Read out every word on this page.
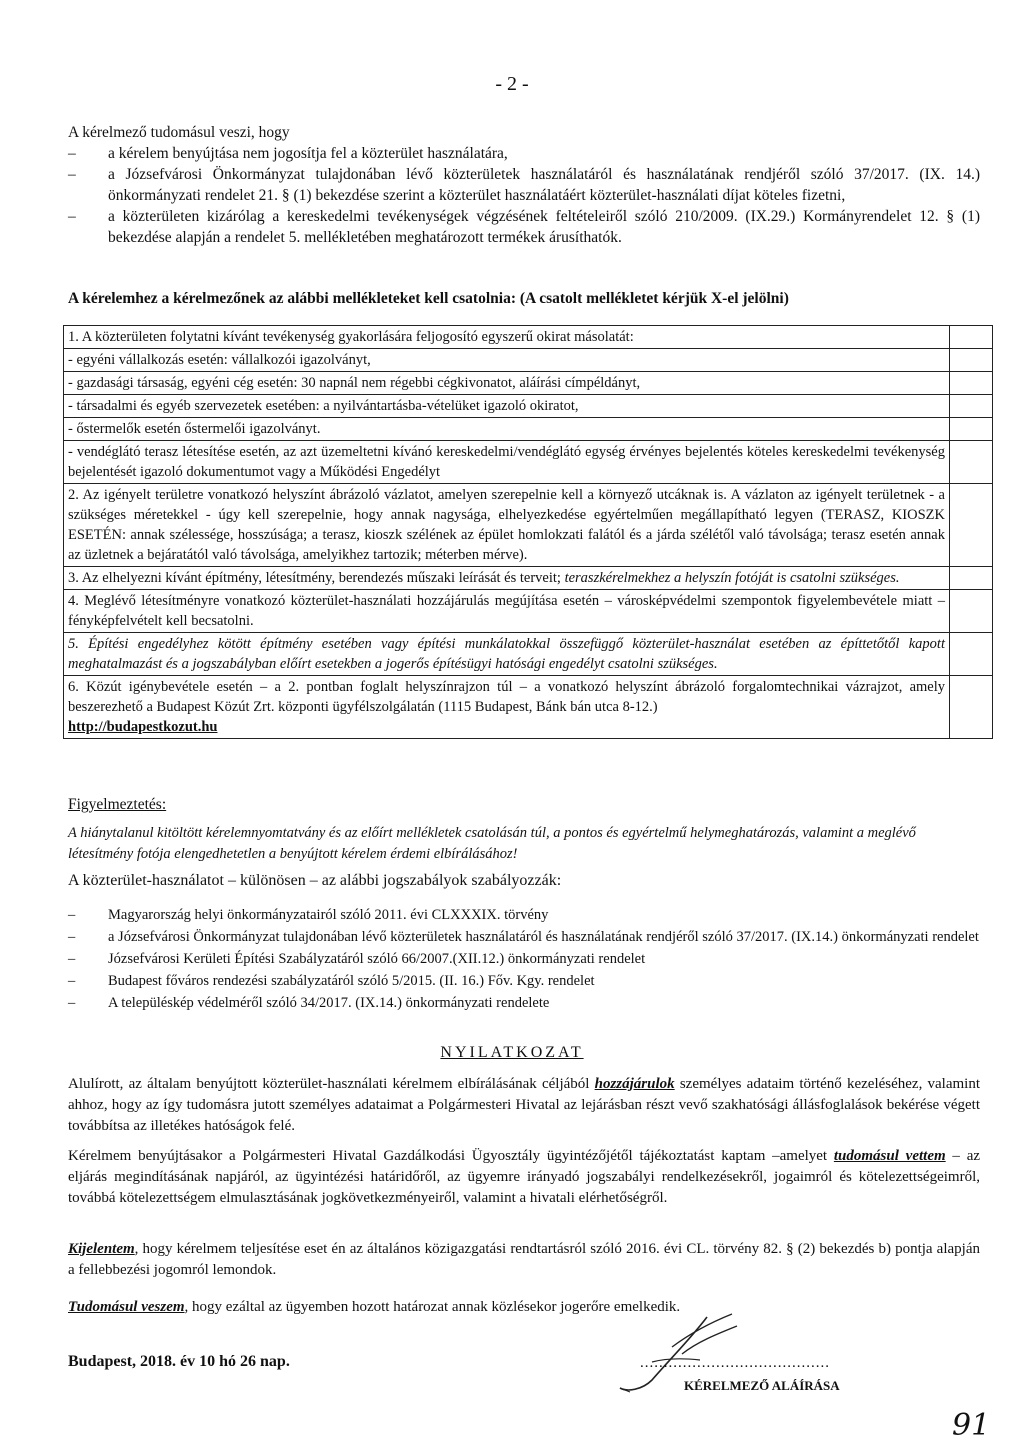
- 2 -
A kérelmező tudomásul veszi, hogy
– a kérelem benyújtása nem jogosítja fel a közterület használatára,
– a Józsefvárosi Önkormányzat tulajdonában lévő közterületek használatáról és használatának rendjéről szóló 37/2017. (IX. 14.) önkormányzati rendelet 21. § (1) bekezdése szerint a közterület használatáért közterület-használati díjat köteles fizetni,
– a közterületen kizárólag a kereskedelmi tevékenységek végzésének feltételeiről szóló 210/2009. (IX.29.) Kormányrendelet 12. § (1) bekezdése alapján a rendelet 5. mellékletében meghatározott termékek árusíthatók.
A kérelemhez a kérelmezőnek az alábbi mellékleteket kell csatolnia: (A csatolt mellékletet kérjük X-el jelölni)
1. A közterületen folytatni kívánt tevékenység gyakorlására feljogosító egyszerű okirat másolatát:	
- egyéni vállalkozás esetén: vállalkozói igazolványt,	
- gazdasági társaság, egyéni cég esetén: 30 napnál nem régebbi cégkivonatot, aláírási címpéldányt,	
- társadalmi és egyéb szervezetek esetében: a nyilvántartásba-vételüket igazoló okiratot,	
- őstermelők esetén őstermelői igazolványt.	
- vendéglátó terasz létesítése esetén, az azt üzemeltetni kívánó kereskedelmi/vendéglátó egység érvényes bejelentés köteles kereskedelmi tevékenység bejelentését igazoló dokumentumot vagy a Működési Engedélyt	
2. Az igényelt területre vonatkozó helyszínt ábrázoló vázlatot, amelyen szerepelnie kell a környező utcáknak is. A vázlaton az igényelt területnek - a szükséges méretekkel - úgy kell szerepelnie, hogy annak nagysága, elhelyezkedése egyértelműen megállapítható legyen (TERASZ, KIOSZK ESETÉN: annak szélessége, hosszúsága; a terasz, kioszk szélének az épület homlokzati falától és a járda szélétől való távolsága; terasz esetén annak az üzletnek a bejáratától való távolsága, amelyikhez tartozik; méterben mérve).	
3. Az elhelyezni kívánt építmény, létesítmény, berendezés műszaki leírását és terveit; teraszkérelmekhez a helyszín fotóját is csatolni szükséges.	
4. Meglévő létesítményre vonatkozó közterület-használati hozzájárulás megújítása esetén – városképvédelmi szempontok figyelembevétele miatt – fényképfelvételt kell becsatolni.	
5. Építési engedélyhez kötött építmény esetében vagy építési munkálatokkal összefüggő közterület-használat esetében az építtetőtől kapott meghatalmazást és a jogszabályban előírt esetekben a jogerős építésügyi hatósági engedélyt csatolni szükséges.	
6. Közút igénybevétele esetén – a 2. pontban foglalt helyszínrajzon túl – a vonatkozó helyszínt ábrázoló forgalomtechnikai vázrajzot, amely beszerezhető a Budapest Közút Zrt. központi ügyfélszolgálatán (1115 Budapest, Bánk bán utca 8-12.)
http://budapestkozut.hu	
Figyelmeztetés:
A hiánytalanul kitöltött kérelemnyomtatvány és az előírt mellékletek csatolásán túl, a pontos és egyértelmű helymeghatározás, valamint a meglévő létesítmény fotója elengedhetetlen a benyújtott kérelem érdemi elbírálásához!
A közterület-használatot – különösen – az alábbi jogszabályok szabályozzák:
– Magyarország helyi önkormányzatairól szóló 2011. évi CLXXXIX. törvény
– a Józsefvárosi Önkormányzat tulajdonában lévő közterületek használatáról és használatának rendjéről szóló 37/2017. (IX.14.) önkormányzati rendelet
– Józsefvárosi Kerületi Építési Szabályzatáról szóló 66/2007.(XII.12.) önkormányzati rendelet
– Budapest főváros rendezési szabályzatáról szóló 5/2015. (II. 16.) Főv. Kgy. rendelet
– A településkép védelméről szóló 34/2017. (IX.14.) önkormányzati rendelete
NYILATKOZAT
Alulírott, az általam benyújtott közterület-használati kérelmem elbírálásának céljából hozzájárulok személyes adataim történő kezeléséhez, valamint ahhoz, hogy az így tudomásra jutott személyes adataimat a Polgármesteri Hivatal az lejárásban részt vevő szakhatósági állásfoglalások bekérése végett továbbítsa az illetékes hatóságok felé.
Kérelmem benyújtásakor a Polgármesteri Hivatal Gazdálkodási Ügyosztály ügyintézőjétől tájékoztatást kaptam –amelyet tudomásul vettem – az eljárás megindításának napjáról, az ügyintézési határidőről, az ügyemre irányadó jogszabályi rendelkezésekről, jogaimról és kötelezettségeimről, továbbá kötelezettségem elmulasztásának jogkövetkezményeiről, valamint a hivatali elérhetőségről.
Kijelentem, hogy kérelmem teljesítése eset én az általános közigazgatási rendtartásról szóló 2016. évi CL. törvény 82. § (2) bekezdés b) pontja alapján a fellebbezési jogomról lemondok.
Tudomásul veszem, hogy ezáltal az ügyemben hozott határozat annak közlésekor jogerőre emelkedik.
Budapest, 2018. év 10 hó 26 nap.	........................................
KÉRELMEZŐ ALÁÍRÁSA
91
